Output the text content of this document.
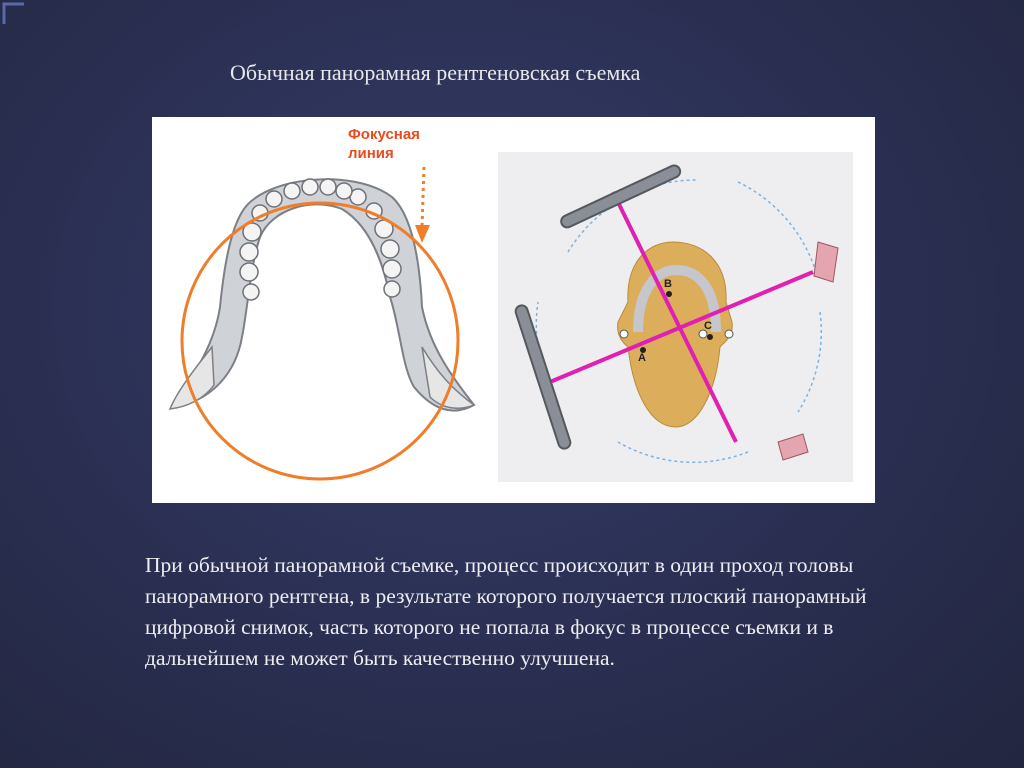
Обычная панорамная рентгеновская съемка
Фокусная
линия
A
B
C
При обычной панорамной съемке, процесс происходит в один проход головы панорамного рентгена, в результате которого получается плоский панорамный цифровой снимок, часть которого не попала в фокус в процессе съемки и в дальнейшем не может быть качественно улучшена.
